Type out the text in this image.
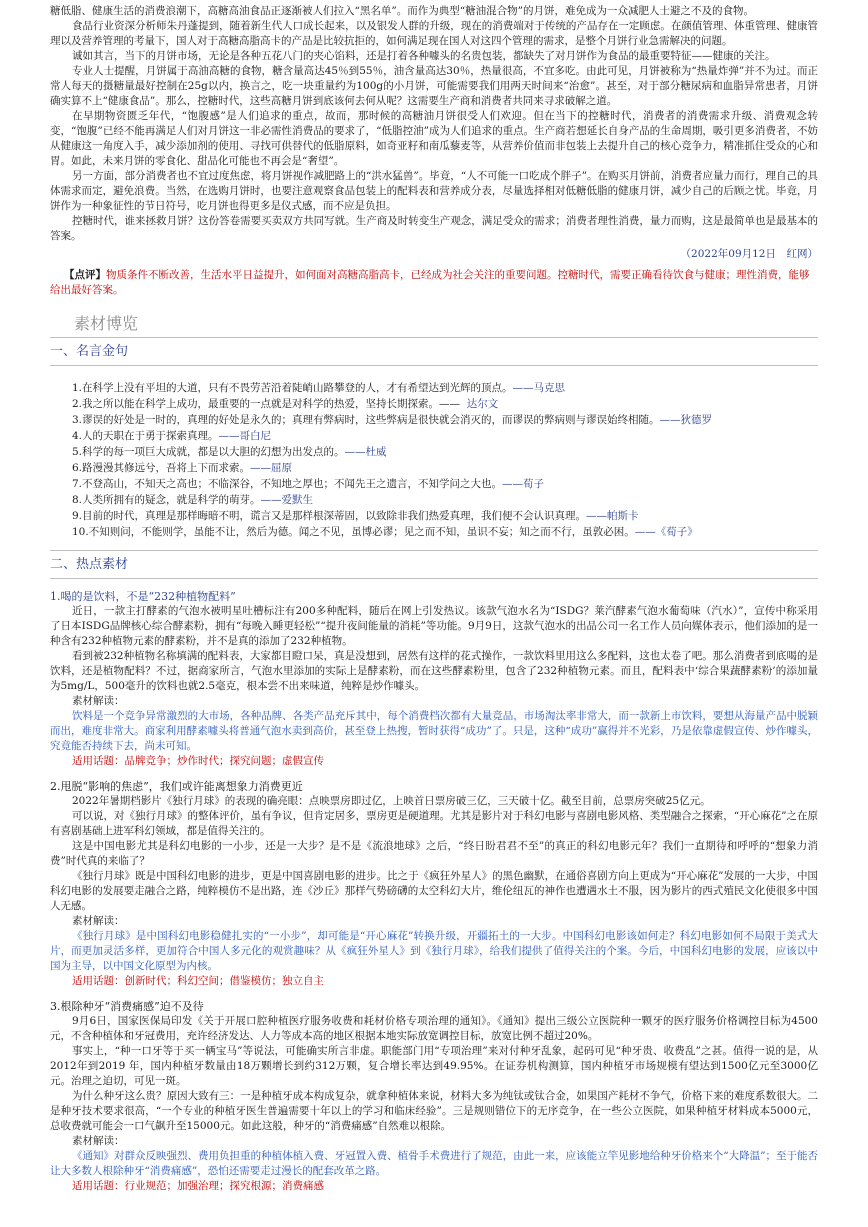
糖低脂、健康生活的消费浪潮下，高糖高油食品正逐渐被人们拉入“黑名单”。而作为典型“糖油混合物”的月饼，难免成为一众减肥人士避之不及的食物。

食品行业资深分析师朱丹蓬提到，随着新生代人口成长起来，以及银发人群的升级，现在的消费端对于传统的产品存在一定顾虑。在颜值管理、体重管理、健康管理以及营养管理的考量下，国人对于高糖高脂高卡的产品是比较抗拒的，如何满足现在国人对这四个管理的需求，是整个月饼行业急需解决的问题。

诚如其言，当下的月饼市场，无论是各种五花八门的夹心馅料，还是打着各种噱头的名贵包装，都缺失了对月饼作为食品的最重要特征——健康的关注。

专业人士提醒，月饼属于高油高糖的食物，糖含量高达45％到55％，油含量高达30％，热量很高，不宜多吃。由此可见，月饼被称为“热量炸弹”并不为过。而正常人每天的摄糖量最好控制在25g以内，换言之，吃一块重量约为100g的小月饼，可能需要我们用两天时间来“治愈”。甚至，对于部分糖尿病和血脂异常患者，月饼确实算不上“健康食品”。那么，控糖时代，这些高糖月饼到底该何去何从呢？这需要生产商和消费者共同来寻求破解之道。

在早期物资匮乏年代，“饱腹感”是人们追求的重点，故而，那时候的高糖油月饼很受人们欢迎。但在当下的控糖时代，消费者的消费需求升级、消费观念转变，“饱腹”已经不能再满足人们对月饼这一非必需性消费品的要求了，“低脂控油”成为人们追求的重点。生产商若想延长自身产品的生命周期，吸引更多消费者，不妨从健康这一角度入手，减少添加剂的使用、寻找可供替代的低脂原料，如奇亚籽和南瓜藜麦等，从营养价值而非包装上去提升自己的核心竞争力，精准抓住受众的心和胃。如此，未来月饼的零食化、甜品化可能也不再会是“奢望”。

另一方面，部分消费者也不宜过度焦虑，将月饼视作减肥路上的“洪水猛兽”。毕竟，“人不可能一口吃成个胖子”。在购买月饼前，消费者应量力而行，理自己的具体需求而定，避免浪费。当然，在选购月饼时，也要注意观察食品包装上的配料表和营养成分表，尽量选择相对低糖低脂的健康月饼，减少自己的后顾之忧。毕竟，月饼作为一种象征性的节日符号，吃月饼也得更多是仪式感，而不应是负担。

控糖时代，谁来拯救月饼？这份答卷需要买卖双方共同写就。生产商及时转变生产观念，满足受众的需求；消费者理性消费，量力而购，这是最简单也是最基本的答案。

（2022年09月12日　红网）

【点评】物质条件不断改善，生活水平日益提升，如何面对高糖高脂高卡，已经成为社会关注的重要问题。控糖时代，需要正确看待饮食与健康；理性消费，能够给出最好答案。

素材博览
一、名言金句

1.在科学上没有平坦的大道，只有不畏劳苦沿着陡峭山路攀登的人，才有希望达到光辉的顶点。——马克思

2.我之所以能在科学上成功，最重要的一点就是对科学的热爱，坚持长期探索。—— 达尔文

3.谬误的好处是一时的，真理的好处是永久的；真理有弊病时，这些弊病是很快就会消灭的，而谬误的弊病则与谬误始终相随。——狄德罗

4.人的天职在于勇于探索真理。——哥白尼

5.科学的每一项巨大成就，都是以大胆的幻想为出发点的。——杜威

6.路漫漫其修远兮，吾将上下而求索。——屈原

7.不登高山，不知天之高也；不临深谷，不知地之厚也；不闻先王之遗言，不知学问之大也。——荀子

8.人类所拥有的疑念，就是科学的萌芽。——爱默生

9.目前的时代，真理是那样晦暗不明，谎言又是那样根深蒂固，以致除非我们热爱真理，我们便不会认识真理。——帕斯卡

10.不知则问，不能则学，虽能不让，然后为德。闻之不见，虽博必谬；见之而不知，虽识不妄；知之而不行，虽敦必困。——《荀子》

二、热点素材
1.喝的是饮料，不是“232种植物配料”

近日，一款主打酵素的气泡水被明星吐槽标注有200多种配料，随后在网上引发热议。该款气泡水名为“ISDG？莱汽酵素气泡水葡萄味（汽水）”，宣传中称采用了日本ISDG品牌核心综合酵素粉，拥有“每晚入睡更轻松”“提升夜间能量的消耗”等功能。9月9日，这款气泡水的出品公司一名工作人员向媒体表示，他们添加的是一种含有232种植物元素的酵素粉，并不是真的添加了232种植物。

看到被232种植物名称填满的配料表，大家都目瞪口呆，真是没想到，居然有这样的花式操作，一款饮料里用这么多配料，这也太卷了吧。那么消费者到底喝的是饮料，还是植物配料？不过，据商家所言，气泡水里添加的实际上是酵素粉，而在这些酵素粉里，包含了232种植物元素。而且，配料表中‘综合果蔬酵素粉’的添加量为5mg/L，500毫升的饮料也就2.5毫克，根本尝不出来味道，纯粹是炒作噱头。

素材解读：

饮料是一个竞争异常激烈的大市场，各种品牌、各类产品充斥其中，每个消费档次都有大量竞品，市场淘汰率非常大，而一款新上市饮料，要想从海量产品中脱颖而出，难度非常大。商家利用酵素噱头将普通气泡水卖到高价，甚至登上热搜，暂时获得“成功”了。只是，这种“成功”赢得并不光彩，乃是依靠虚假宣传、炒作噱头，究竟能否持续下去，尚未可知。

适用话题：品牌竞争；炒作时代；探究问题；虚假宣传

2.甩脱“影响的焦虑”，我们或许能离想象力消费更近

2022年暑期档影片《独行月球》的表现的确亮眼：点映票房即过亿，上映首日票房破三亿，三天破十亿。截至目前，总票房突破25亿元。

可以说，对《独行月球》的整体评价，虽有争议，但肯定居多，票房更是硬道理。尤其是影片对于科幻电影与喜剧电影风格、类型融合之探索，“开心麻花”之在原有喜剧基础上进军科幻领域，都是值得关注的。

这是中国电影尤其是科幻电影的一小步，还是一大步？是不是《流浪地球》之后，“终日盼君君不至”的真正的科幻电影元年？我们一直期待和呼呼的“想象力消费”时代真的来临了？

《独行月球》既是中国科幻电影的进步，更是中国喜剧电影的进步。比之于《疯狂外星人》的黑色幽默，在通俗喜剧方向上更成为“开心麻花”发展的一大步，中国科幻电影的发展要走融合之路，纯粹模仿不是出路，连《沙丘》那样气势磅礴的太空科幻大片，维伦纽瓦的神作也遭遇水土不服，因为影片的西式殖民文化使很多中国人无感。

素材解读：

《独行月球》是中国科幻电影稳健扎实的“一小步”，却可能是“开心麻花”转换升级，开疆拓土的一大步。中国科幻电影该如何走？科幻电影如何不局限于美式大片，而更加灵活多样，更加符合中国人多元化的观赏趣味？从《疯狂外星人》到《独行月球》，给我们提供了值得关注的个案。今后，中国科幻电影的发展，应该以中国为主导，以中国文化原型为内核。

适用话题：创新时代；科幻空间；借鉴模仿；独立自主

3.根除种牙“消费痛感”迫不及待

9月6日，国家医保局印发《关于开展口腔种植医疗服务收费和耗材价格专项治理的通知》。《通知》提出三级公立医院种一颗牙的医疗服务价格调控目标为4500元，不含种植体和牙冠费用，充许经济发达、人力等成本高的地区根据本地实际放宽调控目标，放宽比例不超过20%。

事实上，“种一口牙等于买一辆宝马”等说法，可能确实所言非虚。职能部门用“专项治理”来对付种牙乱象，起码可见“种牙贵、收费乱”之甚。值得一说的是，从2012年到2019 年，国内种植牙数量由18万颗增长到约312万颗，复合增长率达到49.95%。在证券机构测算，国内种植牙市场规模有望达到1500亿元至3000亿元。治理之迫切，可见一斑。

为什么种牙这么贵？原因大致有三：一是种植牙成本构成复杂，就拿种植体来说，材料大多为纯钛或钛合金，如果国产耗材不争气，价格下来的难度系数很大。二是种牙技术要求很高，“一个专业的种植牙医生普遍需要十年以上的学习和临床经验”。三是规则错位下的无序竞争，在一些公立医院，如果种植牙材料成本5000元，总收费就可能会一口气飙升至15000元。如此这般，种牙的“消费痛感”自然难以根除。

素材解读：

《通知》对群众反映强烈、费用负担重的种植体植入费、牙冠置入费、植骨手术费进行了规范，由此一来，应该能立竿见影地给种牙价格来个“大降温”；至于能否让大多数人根除种牙“消费痛感”，恐怕还需要走过漫长的配套改革之路。

适用话题：行业规范；加强治理；探究根源；消费痛感
